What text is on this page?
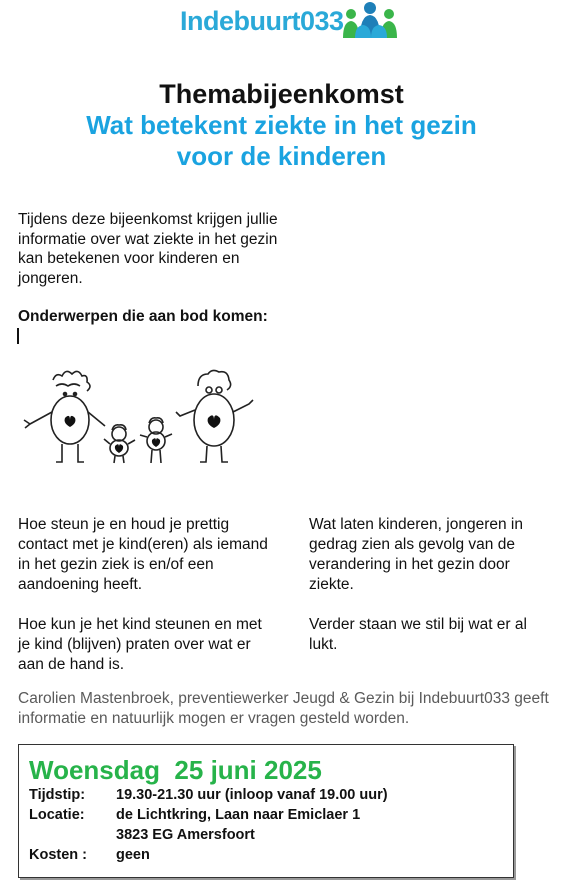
Indebuurt033
Themabijeenkomst
Wat betekent ziekte in het gezin
voor de kinderen
Tijdens deze bijeenkomst krijgen jullie informatie over wat ziekte in het gezin kan betekenen voor kinderen en jongeren.
Onderwerpen die aan bod komen:

Hoe steun je en houd je prettig contact met je kind(eren) als iemand in het gezin ziek is en/of een aandoening heeft.

Hoe kun je het kind steunen en met je kind (blijven) praten over wat er aan de hand is.

Wat laten kinderen, jongeren in gedrag zien als gevolg van de verandering in het gezin door ziekte.

Verder staan we stil bij wat er al lukt.

Carolien Mastenbroek, preventiewerker Jeugd & Gezin bij Indebuurt033 geeft informatie en natuurlijk mogen er vragen gesteld worden.
Woensdag  25 juni 2025
Tijdstip:	19.30-21.30 uur (inloop vanaf 19.00 uur)
Locatie:	de Lichtkring, Laan naar Emiclaer 1
3823 EG Amersfoort
Kosten :	geen
